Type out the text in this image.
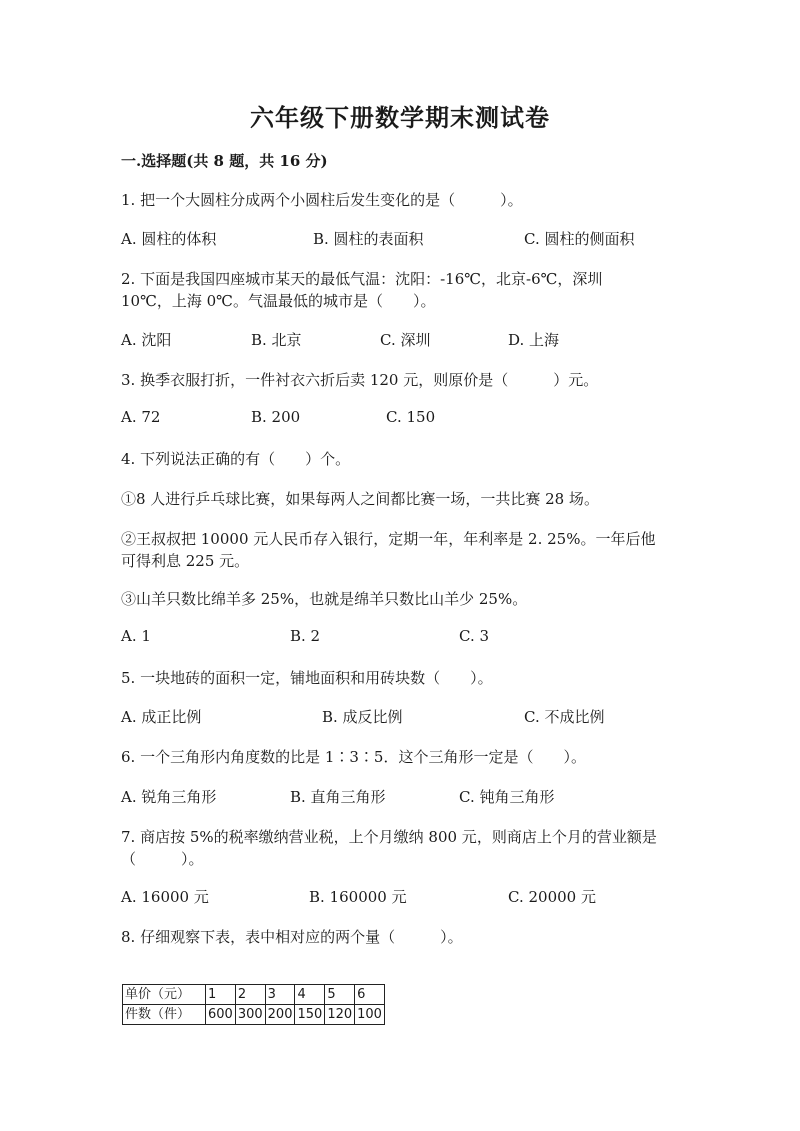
六年级下册数学期末测试卷
一.选择题(共 8 题，共 16 分)
1. 把一个大圆柱分成两个小圆柱后发生变化的是（　　　）。
A. 圆柱的体积	B. 圆柱的表面积	C. 圆柱的侧面积
2. 下面是我国四座城市某天的最低气温：沈阳：-16℃，北京-6℃，深圳
10℃，上海 0℃。气温最低的城市是（　　）。
A. 沈阳	B. 北京	C. 深圳	D. 上海
3. 换季衣服打折，一件衬衣六折后卖 120 元，则原价是（　　　）元。
A. 72	B. 200	C. 150
4. 下列说法正确的有（　　）个。
①8 人进行乒乓球比赛，如果每两人之间都比赛一场，一共比赛 28 场。
②王叔叔把 10000 元人民币存入银行，定期一年，年利率是 2. 25%。一年后他
可得利息 225 元。
③山羊只数比绵羊多 25%，也就是绵羊只数比山羊少 25%。
A. 1	B. 2	C. 3
5. 一块地砖的面积一定，铺地面积和用砖块数（　　）。
A. 成正比例	B. 成反比例	C. 不成比例
6. 一个三角形内角度数的比是 1∶3∶5．这个三角形一定是（　　）。
A. 锐角三角形	B. 直角三角形	C. 钝角三角形
7. 商店按 5%的税率缴纳营业税，上个月缴纳 800 元，则商店上个月的营业额是
（　　　）。
A. 16000 元	B. 160000 元	C. 20000 元
8. 仔细观察下表，表中相对应的两个量（　　　）。
单价（元）	1	2	3	4	5	6
件数（件）	600	300	200	150	120	100
